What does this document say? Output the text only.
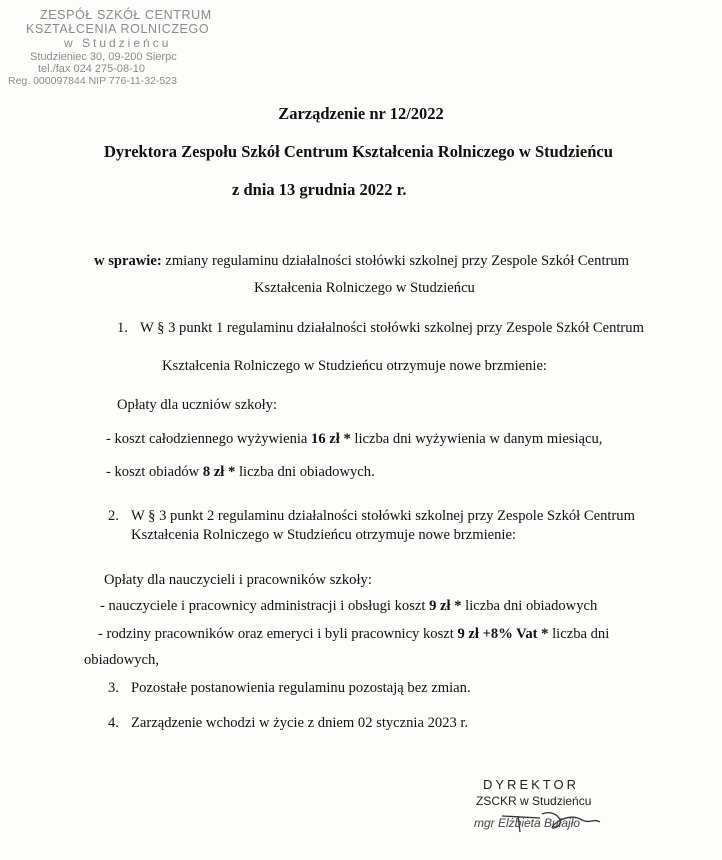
ZESPÓŁ SZKÓŁ CENTRUM
KSZTAŁCENIA ROLNICZEGO
w Studzieńcu
Studzieniec 30, 09-200 Sierpc
tel./fax 024 275-08-10
Reg. 000097844 NIP 776-11-32-523
Zarządzenie nr 12/2022
Dyrektora Zespołu Szkół Centrum Kształcenia Rolniczego w Studzieńcu
z dnia 13 grudnia 2022 r.
w sprawie: zmiany regulaminu działalności stołówki szkolnej przy Zespole Szkół Centrum
Kształcenia Rolniczego w Studzieńcu
1. W § 3 punkt 1 regulaminu działalności stołówki szkolnej przy Zespole Szkół Centrum
Kształcenia Rolniczego w Studzieńcu otrzymuje nowe brzmienie:
Opłaty dla uczniów szkoły:
- koszt całodziennego wyżywienia 16 zł * liczba dni wyżywienia w danym miesiącu,
- koszt obiadów 8 zł * liczba dni obiadowych.
2. W § 3 punkt 2 regulaminu działalności stołówki szkolnej przy Zespole Szkół Centrum
Kształcenia Rolniczego w Studzieńcu otrzymuje nowe brzmienie:
Opłaty dla nauczycieli i pracowników szkoły:
- nauczyciele i pracownicy administracji i obsługi koszt 9 zł * liczba dni obiadowych
- rodziny pracowników oraz emeryci i byli pracownicy koszt 9 zł +8% Vat * liczba dni
obiadowych,
3. Pozostałe postanowienia regulaminu pozostają bez zmian.
4. Zarządzenie wchodzi w życie z dniem 02 stycznia 2023 r.
DYREKTOR
ZSCKR w Studzieńcu
mgr Elżbieta Bułajło
